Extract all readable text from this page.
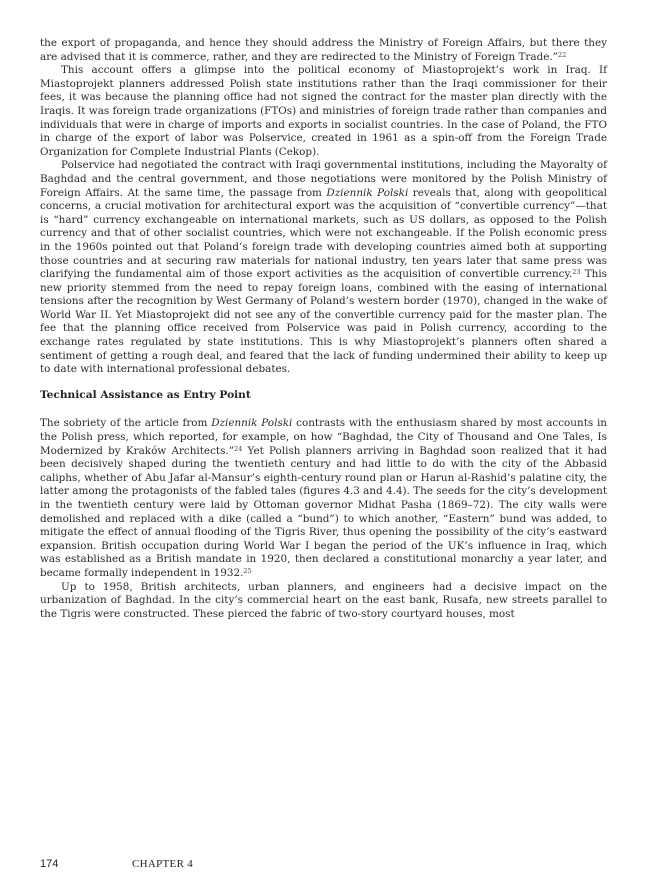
the export of propaganda, and hence they should address the Ministry of Foreign Affairs, but there they are advised that it is commerce, rather, and they are redirected to the Ministry of Foreign Trade.”$^{22}$

This account offers a glimpse into the political economy of Miastoprojekt’s work in Iraq. If Miastoprojekt planners addressed Polish state institutions rather than the Iraqi commissioner for their fees, it was because the planning office had not signed the contract for the master plan directly with the Iraqis. It was foreign trade organizations (FTOs) and ministries of foreign trade rather than companies and individuals that were in charge of imports and exports in socialist countries. In the case of Poland, the FTO in charge of the export of labor was Polservice, created in 1961 as a spin-off from the Foreign Trade Organization for Complete Industrial Plants (Cekop).

Polservice had negotiated the contract with Iraqi governmental institutions, including the Mayoralty of Baghdad and the central government, and those negotiations were monitored by the Polish Ministry of Foreign Affairs. At the same time, the passage from Dziennik Polski reveals that, along with geopolitical concerns, a crucial motivation for architectural export was the acquisition of “convertible currency”—that is “hard” currency exchangeable on international markets, such as US dollars, as opposed to the Polish currency and that of other socialist countries, which were not exchangeable. If the Polish economic press in the 1960s pointed out that Poland’s foreign trade with developing countries aimed both at supporting those countries and at securing raw materials for national industry, ten years later that same press was clarifying the fundamental aim of those export activities as the acquisition of convertible currency.$^{23}$ This new priority stemmed from the need to repay foreign loans, combined with the easing of international tensions after the recognition by West Germany of Poland’s western border (1970), changed in the wake of World War II. Yet Miastoprojekt did not see any of the convertible currency paid for the master plan. The fee that the planning office received from Polservice was paid in Polish currency, according to the exchange rates regulated by state institutions. This is why Miastoprojekt’s planners often shared a sentiment of getting a rough deal, and feared that the lack of funding undermined their ability to keep up to date with international professional debates.

Technical Assistance as Entry Point

The sobriety of the article from Dziennik Polski contrasts with the enthusiasm shared by most accounts in the Polish press, which reported, for example, on how “Baghdad, the City of Thousand and One Tales, Is Modernized by Kraków Architects.”$^{24}$ Yet Polish planners arriving in Baghdad soon realized that it had been decisively shaped during the twentieth century and had little to do with the city of the Abbasid caliphs, whether of Abu Jafar al-Mansur’s eighth-century round plan or Harun al-Rashid’s palatine city, the latter among the protagonists of the fabled tales (figures 4.3 and 4.4). The seeds for the city’s development in the twentieth century were laid by Ottoman governor Midhat Pasha (1869–72). The city walls were demolished and replaced with a dike (called a “bund”) to which another, “Eastern” bund was added, to mitigate the effect of annual flooding of the Tigris River, thus opening the possibility of the city’s eastward expansion. British occupation during World War I began the period of the UK’s influence in Iraq, which was established as a British mandate in 1920, then declared a constitutional monarchy a year later, and became formally independent in 1932.25

Up to 1958, British architects, urban planners, and engineers had a decisive impact on the urbanization of Baghdad. In the city’s commercial heart on the east bank, Rusafa, new streets parallel to the Tigris were constructed. These pierced the fabric of two-story courtyard houses, most

174	CHAPTER 4
